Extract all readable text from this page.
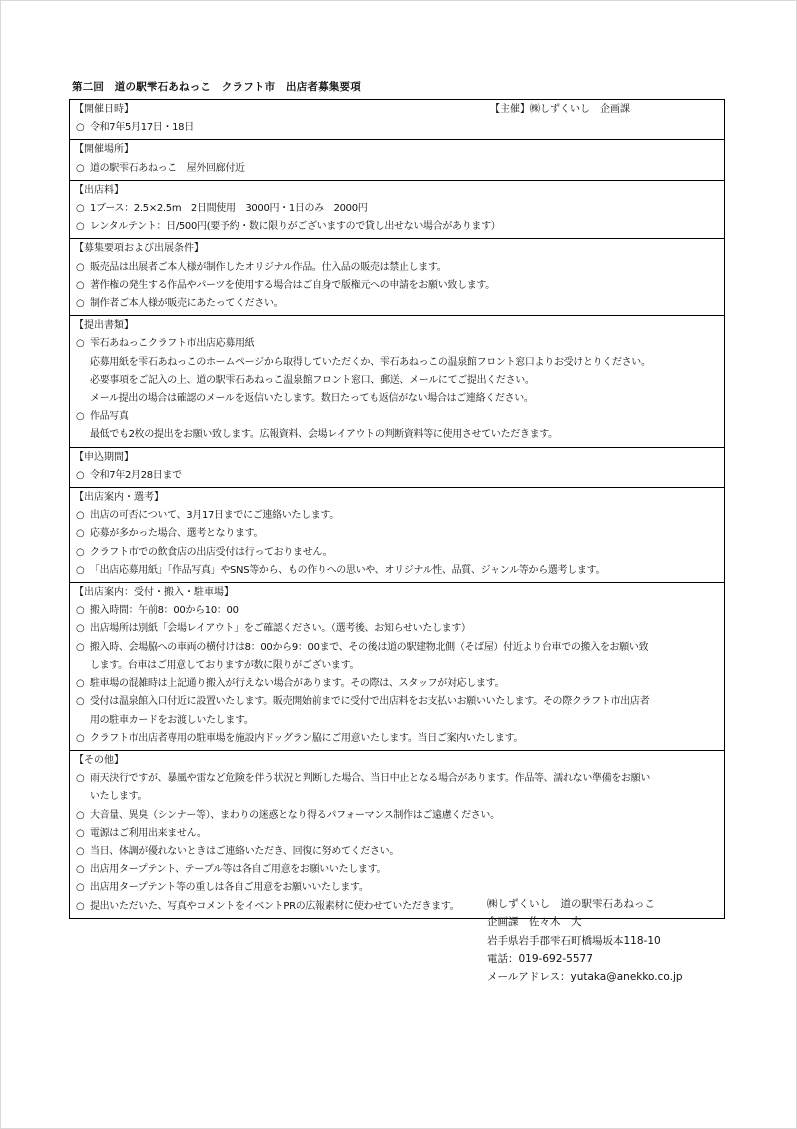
第二回　道の駅雫石あねっこ　クラフト市　出店者募集要項
【開催日時】	【主催】㈱しずくいし　企画課
○ 令和7年5月17日・18日
【開催場所】
○ 道の駅雫石あねっこ　屋外回廊付近
【出店料】
○ 1ブース：2.5×2.5m　2日間使用　3000円・1日のみ　2000円
○ レンタルテント：日/500円(要予約・数に限りがございますので貸し出せない場合があります）
【募集要項および出展条件】
○ 販売品は出展者ご本人様が制作したオリジナル作品。仕入品の販売は禁止します。
○ 著作権の発生する作品やパーツを使用する場合はご自身で版権元への申請をお願い致します。
○ 制作者ご本人様が販売にあたってください。
【提出書類】
○ 雫石あねっこクラフト市出店応募用紙
応募用紙を雫石あねっこのホームページから取得していただくか、雫石あねっこの温泉館フロント窓口よりお受けとりください。
必要事項をご記入の上、道の駅雫石あねっこ温泉館フロント窓口、郵送、メールにてご提出ください。
メール提出の場合は確認のメールを返信いたします。数日たっても返信がない場合はご連絡ください。
○ 作品写真
最低でも2枚の提出をお願い致します。広報資料、会場レイアウトの判断資料等に使用させていただきます。
【申込期間】
○ 令和7年2月28日まで
【出店案内・選考】
○ 出店の可否について、3月17日までにご連絡いたします。
○ 応募が多かった場合、選考となります。
○ クラフト市での飲食店の出店受付は行っておりません。
○ 「出店応募用紙」「作品写真」やSNS等から、もの作りへの思いや、オリジナル性、品質、ジャンル等から選考します。
【出店案内：受付・搬入・駐車場】
○ 搬入時間：午前8：00から10：00
○ 出店場所は別紙「会場レイアウト」をご確認ください。（選考後、お知らせいたします）
○ 搬入時、会場脇への車両の横付けは8：00から9：00まで、その後は道の駅建物北側（そば屋）付近より台車での搬入をお願い致
します。台車はご用意しておりますが数に限りがございます。
○ 駐車場の混雑時は上記通り搬入が行えない場合があります。その際は、スタッフが対応します。
○ 受付は温泉館入口付近に設置いたします。販売開始前までに受付で出店料をお支払いお願いいたします。その際クラフト市出店者
用の駐車カードをお渡しいたします。
○ クラフト市出店者専用の駐車場を施設内ドッグラン脇にご用意いたします。当日ご案内いたします。
【その他】
○ 雨天決行ですが、暴風や雷など危険を伴う状況と判断した場合、当日中止となる場合があります。作品等、濡れない準備をお願い
いたします。
○ 大音量、異臭（シンナー等）、まわりの迷惑となり得るパフォーマンス制作はご遠慮ください。
○ 電源はご利用出来ません。
○ 当日、体調が優れないときはご連絡いただき、回復に努めてください。
○ 出店用タープテント、テーブル等は各自ご用意をお願いいたします。
○ 出店用タープテント等の重しは各自ご用意をお願いいたします。
○ 提出いただいた、写真やコメントをイベントPRの広報素材に使わせていただきます。	㈱しずくいし　道の駅雫石あねっこ
企画課　佐々木　大
岩手県岩手郡雫石町橋場坂本118-10
電話：019-692-5577
メールアドレス：yutaka@anekko.co.jp
